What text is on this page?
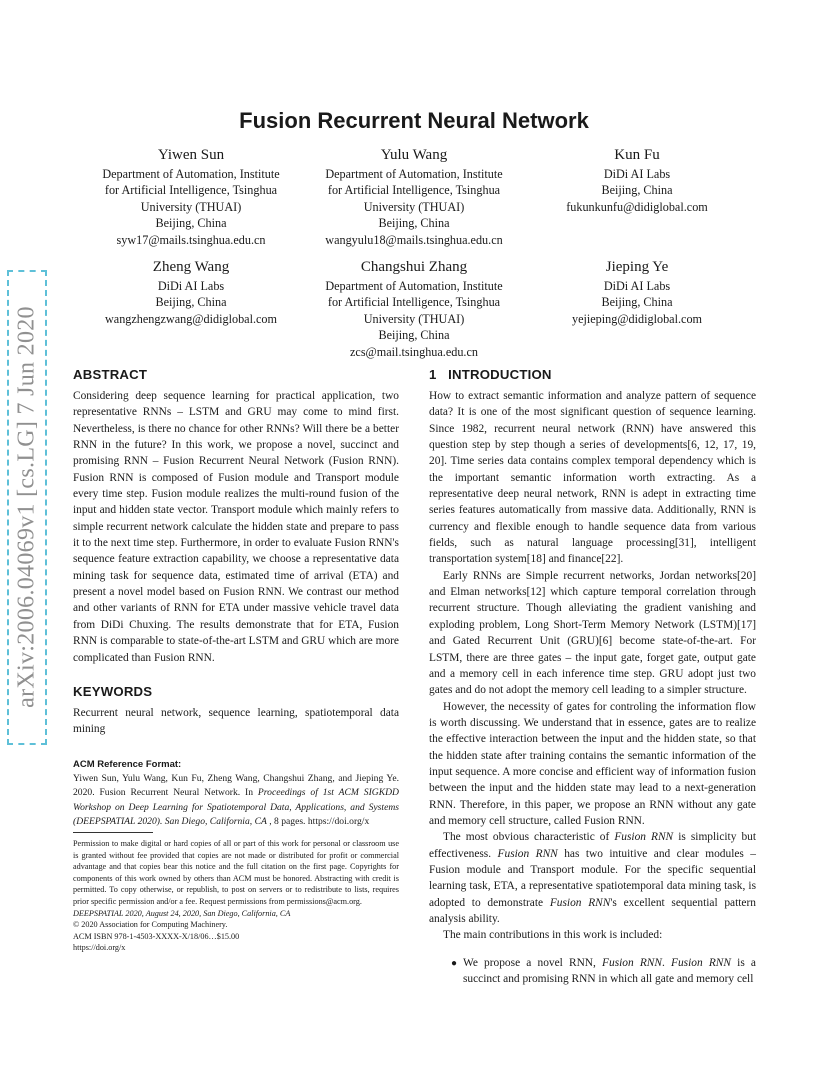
arXiv:2006.04069v1 [cs.LG] 7 Jun 2020
Fusion Recurrent Neural Network
Yiwen Sun
Department of Automation, Institute
for Artificial Intelligence, Tsinghua
University (THUAI)
Beijing, China
syw17@mails.tsinghua.edu.cn
Yulu Wang
Department of Automation, Institute
for Artificial Intelligence, Tsinghua
University (THUAI)
Beijing, China
wangyulu18@mails.tsinghua.edu.cn
Kun Fu
DiDi AI Labs
Beijing, China
fukunkunfu@didiglobal.com
Zheng Wang
DiDi AI Labs
Beijing, China
wangzhengzwang@didiglobal.com
Changshui Zhang
Department of Automation, Institute
for Artificial Intelligence, Tsinghua
University (THUAI)
Beijing, China
zcs@mail.tsinghua.edu.cn
Jieping Ye
DiDi AI Labs
Beijing, China
yejieping@didiglobal.com
ABSTRACT

Considering deep sequence learning for practical application, two representative RNNs – LSTM and GRU may come to mind first. Nevertheless, is there no chance for other RNNs? Will there be a better RNN in the future? In this work, we propose a novel, succinct and promising RNN – Fusion Recurrent Neural Network (Fusion RNN). Fusion RNN is composed of Fusion module and Transport module every time step. Fusion module realizes the multi-round fusion of the input and hidden state vector. Transport module which mainly refers to simple recurrent network calculate the hidden state and prepare to pass it to the next time step. Furthermore, in order to evaluate Fusion RNN's sequence feature extraction capability, we choose a representative data mining task for sequence data, estimated time of arrival (ETA) and present a novel model based on Fusion RNN. We contrast our method and other variants of RNN for ETA under massive vehicle travel data from DiDi Chuxing. The results demonstrate that for ETA, Fusion RNN is comparable to state-of-the-art LSTM and GRU which are more complicated than Fusion RNN.

KEYWORDS

Recurrent neural network, sequence learning, spatiotemporal data mining

ACM Reference Format:
Yiwen Sun, Yulu Wang, Kun Fu, Zheng Wang, Changshui Zhang, and Jieping Ye. 2020. Fusion Recurrent Neural Network. In Proceedings of 1st ACM SIGKDD Workshop on Deep Learning for Spatiotemporal Data, Applications, and Systems (DEEPSPATIAL 2020). San Diego, California, CA , 8 pages. https://doi.org/x
Permission to make digital or hard copies of all or part of this work for personal or classroom use is granted without fee provided that copies are not made or distributed for profit or commercial advantage and that copies bear this notice and the full citation on the first page. Copyrights for components of this work owned by others than ACM must be honored. Abstracting with credit is permitted. To copy otherwise, or republish, to post on servers or to redistribute to lists, requires prior specific permission and/or a fee. Request permissions from permissions@acm.org.
DEEPSPATIAL 2020, August 24, 2020, San Diego, California, CA
© 2020 Association for Computing Machinery.
ACM ISBN 978-1-4503-XXXX-X/18/06…$15.00
https://doi.org/x
1 INTRODUCTION

How to extract semantic information and analyze pattern of sequence data? It is one of the most significant question of sequence learning. Since 1982, recurrent neural network (RNN) have answered this question step by step though a series of developments[6, 12, 17, 19, 20]. Time series data contains complex temporal dependency which is the important semantic information worth extracting. As a representative deep neural network, RNN is adept in extracting time series features automatically from massive data. Additionally, RNN is currency and flexible enough to handle sequence data from various fields, such as natural language processing[31], intelligent transportation system[18] and finance[22].

Early RNNs are Simple recurrent networks, Jordan networks[20] and Elman networks[12] which capture temporal correlation through recurrent structure. Though alleviating the gradient vanishing and exploding problem, Long Short-Term Memory Network (LSTM)[17] and Gated Recurrent Unit (GRU)[6] become state-of-the-art. For LSTM, there are three gates – the input gate, forget gate, output gate and a memory cell in each inference time step. GRU adopt just two gates and do not adopt the memory cell leading to a simpler structure.

However, the necessity of gates for controling the information flow is worth discussing. We understand that in essence, gates are to realize the effective interaction between the input and the hidden state, so that the hidden state after training contains the semantic information of the input sequence. A more concise and efficient way of information fusion between the input and the hidden state may lead to a next-generation RNN. Therefore, in this paper, we propose an RNN without any gate and memory cell structure, called Fusion RNN.

The most obvious characteristic of Fusion RNN is simplicity but effectiveness. Fusion RNN has two intuitive and clear modules – Fusion module and Transport module. For the specific sequential learning task, ETA, a representative spatiotemporal data mining task, is adopted to demonstrate Fusion RNN's excellent sequential pattern analysis ability.

The main contributions in this work is included:

● We propose a novel RNN, Fusion RNN. Fusion RNN is a succinct and promising RNN in which all gate and memory cell
